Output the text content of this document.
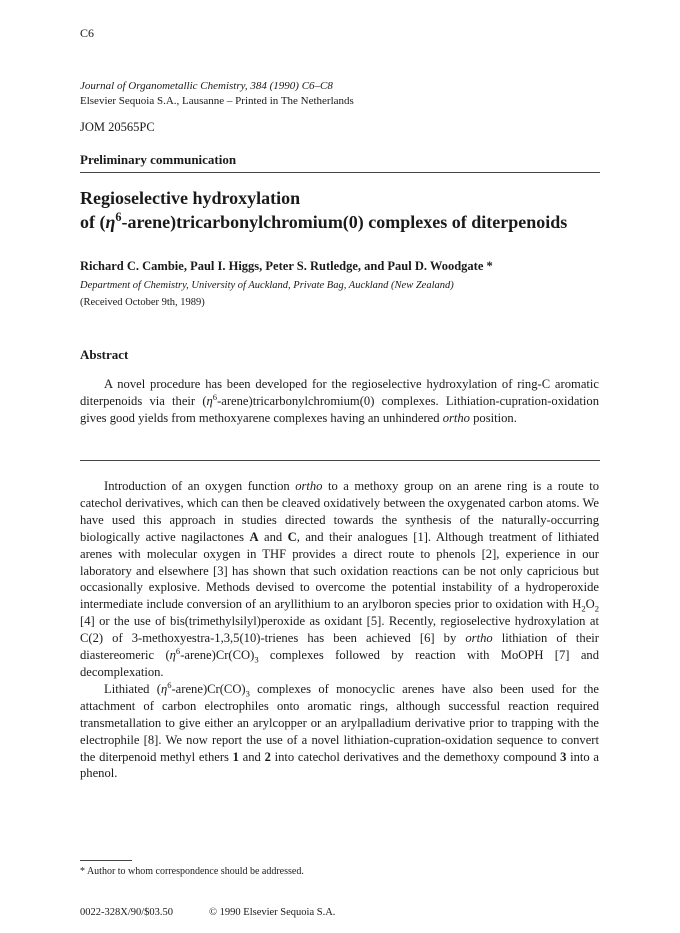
C6
Journal of Organometallic Chemistry, 384 (1990) C6–C8
Elsevier Sequoia S.A., Lausanne – Printed in The Netherlands
JOM 20565PC
Preliminary communication
Regioselective hydroxylation
of $(\eta^6-arene)tricarbonylchromium(0)$ complexes of diterpenoids
Richard C. Cambie, Paul I. Higgs, Peter S. Rutledge, and Paul D. Woodgate *
Department of Chemistry, University of Auckland, Private Bag, Auckland (New Zealand)
(Received October 9th, 1989)
Abstract

A novel procedure has been developed for the regioselective hydroxylation of ring-C aromatic diterpenoids via their $(\eta^6-arene)tricarbonylchromium(0)$ complexes. Lithiation-cupration-oxidation gives good yields from methoxyarene complexes having an unhindered ortho position.

Introduction of an oxygen function ortho to a methoxy group on an arene ring is a route to catechol derivatives, which can then be cleaved oxidatively between the oxygenated carbon atoms. We have used this approach in studies directed towards the synthesis of the naturally-occurring biologically active nagilactones A and C, and their analogues [1]. Although treatment of lithiated arenes with molecular oxygen in THF provides a direct route to phenols [2], experience in our laboratory and elsewhere [3] has shown that such oxidation reactions can be not only capricious but occasionally explosive. Methods devised to overcome the potential instability of a hydroperoxide intermediate include conversion of an aryllithium to an arylboron species prior to oxidation with $H_2O_2$ [4] or the use of bis(trimethylsilyl)peroxide as oxidant [5]. Recently, regioselective hydroxylation at C(2) of 3-methoxyestra-1,3,5(10)-trienes has been achieved [6] by ortho lithiation of their diastereomeric $(\eta^6-arene)Cr(CO)_3$ complexes followed by reaction with MoOPH [7] and decomplexation.

Lithiated $(\eta^6-arene)Cr(CO)_3$ complexes of monocyclic arenes have also been used for the attachment of carbon electrophiles onto aromatic rings, although successful reaction required transmetallation to give either an arylcopper or an arylpalladium derivative prior to trapping with the electrophile [8]. We now report the use of a novel lithiation-cupration-oxidation sequence to convert the diterpenoid methyl ethers 1 and 2 into catechol derivatives and the demethoxy compound 3 into a phenol.

* Author to whom correspondence should be addressed.
0022-328X/90/$03.50	© 1990 Elsevier Sequoia S.A.
